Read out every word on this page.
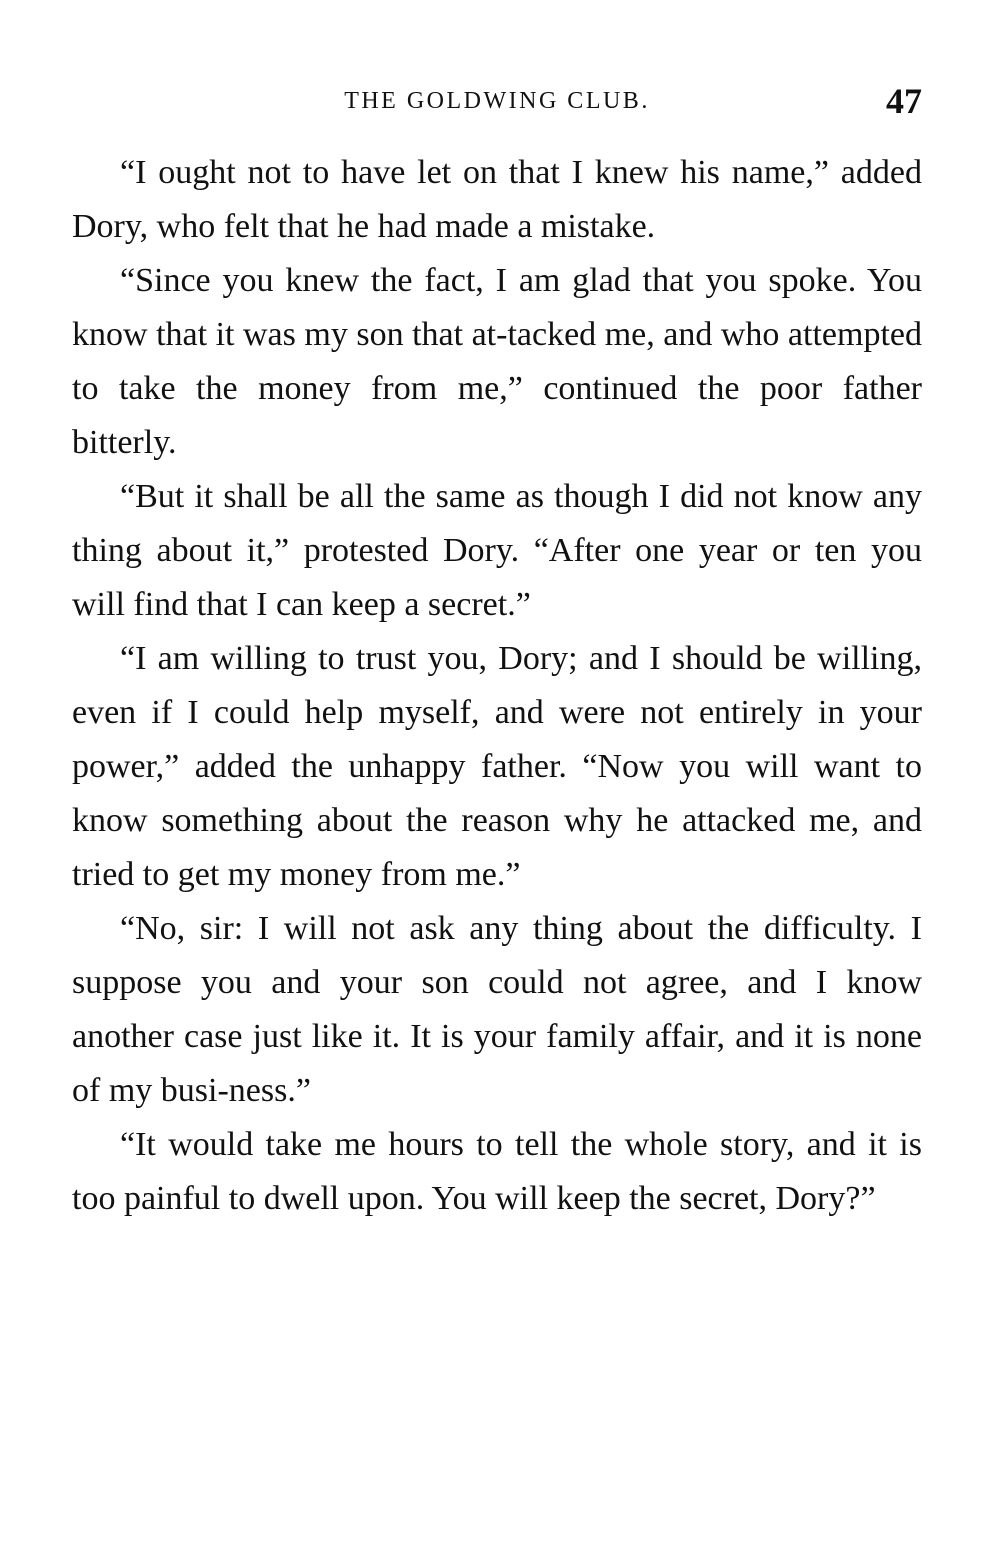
THE GOLDWING CLUB.	47

“I ought not to have let on that I knew his name,” added Dory, who felt that he had made a mistake.

“Since you knew the fact, I am glad that you spoke. You know that it was my son that at-tacked me, and who attempted to take the money from me,” continued the poor father bitterly.

“But it shall be all the same as though I did not know any thing about it,” protested Dory. “After one year or ten you will find that I can keep a secret.”

“I am willing to trust you, Dory; and I should be willing, even if I could help myself, and were not entirely in your power,” added the unhappy father. “Now you will want to know something about the reason why he attacked me, and tried to get my money from me.”

“No, sir: I will not ask any thing about the difficulty. I suppose you and your son could not agree, and I know another case just like it. It is your family affair, and it is none of my busi-ness.”

“It would take me hours to tell the whole story, and it is too painful to dwell upon. You will keep the secret, Dory?”
